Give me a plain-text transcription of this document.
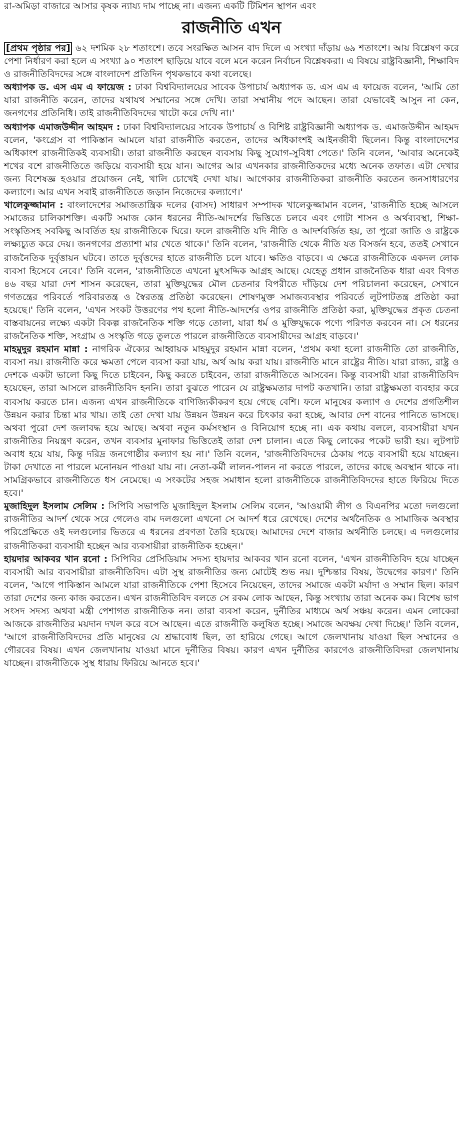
রা-অমিড়া বাজারে আসার কৃষক ন্যায্য দাম পাচ্ছে না। এজন্য একটি টিমিশন স্থাপন এবং
রাজনীতি এখন

[প্রথম পৃষ্ঠার পর] ৬২ দশমিক ২৮ শতাংশে। তবে সংরক্ষিত আসন বাদ দিলে এ সংখ্যা দাঁড়ায় ৬৯ শতাংশে। আয় বিশ্লেষণ করে পেশা নির্ধারণ করা হলে এ সংখ্যা ৯০ শতাংশ ছাড়িয়ে যাবে বলে মনে করেন নির্বাচন বিশ্লেষকরা। এ বিষয়ে রাষ্ট্রবিজ্ঞানী, শিক্ষাবিদ ও রাজনীতিবিদদের সঙ্গে বাংলাদেশ প্রতিদিন পৃথকভাবে কথা বলেছে।

অধ্যাপক ড. এস এম এ ফায়েজ : ঢাকা বিশ্ববিদ্যালয়ের সাবেক উপাচার্য অধ্যাপক ড. এস এম এ ফায়েজ বলেন, 'আমি তো যারা রাজনীতি করেন, তাদের যথাযথ সম্মানের সঙ্গে দেখি। তারা সম্মানীয় পদে আছেন। তারা যেভাবেই আসুন না কেন, জনগণের প্রতিনিধি। তাই রাজনীতিবিদদের খাটো করে দেখি না।'

অধ্যাপক এমাজউদ্দীন আহমদ : ঢাকা বিশ্ববিদ্যালয়ের সাবেক উপাচার্য ও বিশিষ্ট রাষ্ট্রবিজ্ঞানী অধ্যাপক ড. এমাজউদ্দীন আহমদ বলেন, 'কংগ্রেস বা পাকিস্তান আমলে যারা রাজনীতি করতেন, তাদের অধিকাংশই আইনজীবী ছিলেন। কিন্তু বাংলাদেশের অধিকাংশ রাজনীতিকই ব্যবসায়ী। তারা রাজনীতি করছেন ব্যবসায় কিছু সুযোগ-সুবিধা পেতে।' তিনি বলেন, 'আবার অনেকেই শখের বশে রাজনীতিতে জড়িয়ে ব্যবসায়ী হয়ে যান। আগের আর এখনকার রাজনীতিকদের মধ্যে অনেক তফাত। এটা দেখার জন্য বিশেষজ্ঞ হওয়ার প্রয়োজন নেই, খালি চোখেই দেখা যায়। আগেকার রাজনীতিকরা রাজনীতি করতেন জনসাধারণের কল্যাণে। আর এখন সবাই রাজনীতিতে জড়ান নিজেদের কল্যাণে।'

খালেকুজ্জামান : বাংলাদেশের সমাজতান্ত্রিক দলের (বাসদ) সাধারণ সম্পাদক খালেকুজ্জামান বলেন, 'রাজনীতি হচ্ছে আসলে সমাজের চালিকাশক্তি। একটি সমাজ কোন ধরনের নীতি-আদর্শের ভিত্তিতে চলবে এবং গোটা শাসন ও অর্থব্যবস্থা, শিক্ষা-সংস্কৃতিসহ সবকিছু আবর্তিত হয় রাজনীতিকে ঘিরে। ফলে রাজনীতি যদি নীতি ও আদর্শবর্জিত হয়, তা পুরো জাতি ও রাষ্ট্রকে লক্ষ্যচ্যুত করে দেয়। জনগণের প্রত্যাশা মার খেতে থাকে।' তিনি বলেন, 'রাজনীতি থেকে নীতি যত বিসর্জন হবে, ততই সেখানে রাজনৈতিক দুর্বৃত্তায়ন ঘটবে। তাতে দুর্বৃত্তদের হাতে রাজনীতি চলে যাবে। ক্ষতিও বাড়বে। এ ক্ষেত্রে রাজনীতিকে একদল লোক ব্যবসা হিসেবে নেবে।' তিনি বলেন, 'রাজনীতিতে এখনো মুৎসদ্দিক আগ্রহ আছে। যেহেতু প্রধান রাজনৈতিক ধারা এবং বিগত ৪৬ বছর যারা দেশ শাসন করেছেন, তারা মুক্তিযুদ্ধের মৌল চেতনার বিপরীতে দাঁড়িয়ে দেশ পরিচালনা করেছেন, সেখানে গণতন্ত্রের পরিবর্তে পরিবারতন্ত্র ও স্বৈরতন্ত্র প্রতিষ্ঠা করেছেন। শোষণমুক্ত সমাজব্যবস্থার পরিবর্তে লুটপাটতন্ত্র প্রতিষ্ঠা করা হয়েছে।' তিনি বলেন, 'এখন সংকট উত্তরণের পথ হলো নীতি-আদর্শের ওপর রাজনীতি প্রতিষ্ঠা করা, মুক্তিযুদ্ধের প্রকৃত চেতনা বাস্তবায়নের লক্ষ্যে একটা বিকল্প রাজনৈতিক শক্তি গড়ে তোলা, যারা ধর্ম ও মুক্তিযুদ্ধকে পণ্যে পরিণত করবেন না। সে ধরনের রাজনৈতিক শক্তি, সংগ্রাম ও সংস্কৃতি গড়ে তুলতে পারলে রাজনীতিতে ব্যবসায়ীদের আগ্রহ বাড়বে।'

মাহমুদুর রহমান মান্না : নাগরিক ঐক্যের আহ্বায়ক মাহমুদুর রহমান মান্না বলেন, 'প্রথম কথা হলো রাজনীতি তো রাজনীতি, ব্যবসা নয়। রাজনীতি করে ক্ষমতা পেলে ব্যবসা করা যায়, অর্থ আয় করা যায়। রাজনীতি মানে রাষ্ট্রের নীতি। যারা রাজ্য, রাষ্ট্র ও দেশকে একটা ভালো কিছু দিতে চাইবেন, কিছু করতে চাইবেন, তারা রাজনীতিতে আসবেন। কিন্তু ব্যবসায়ী যারা রাজনীতিবিদ হয়েছেন, তারা আসলে রাজনীতিবিদ হননি। তারা বুঝতে পারেন যে রাষ্ট্রক্ষমতার দাপট কতখানি। তারা রাষ্ট্রক্ষমতা ব্যবহার করে ব্যবসায় করতে চান। এজন্য এখন রাজনীতিকে বাণিজ্যিকীকরণ হয়ে গেছে বেশি। ফলে মানুষের কল্যাণ ও দেশের প্রগতিশীল উন্নয়ন করার চিন্তা মার খায়। তাই তো দেখা যায় উন্নয়ন উন্নয়ন করে চিৎকার করা হচ্ছে, আবার দেশ বানের পানিতে ভাসছে। অথবা পুরো দেশ জলাবদ্ধ হয়ে আছে। অথবা নতুন কর্মসংস্থান ও বিনিয়োগ হচ্ছে না। এক কথায় বললে, ব্যবসায়ীরা যখন রাজনীতির নিয়ন্ত্রণ করেন, তখন ব্যবসার মুনাফার ভিত্তিতেই তারা দেশ চালান। এতে কিছু লোকের পকেট ভারী হয়। লুটপাট অবাধ হয়ে যায়, কিন্তু দরিদ্র জনগোষ্ঠীর কল্যাণ হয় না।' তিনি বলেন, 'রাজনীতিবিদদের ঠেকায় পড়ে ব্যবসায়ী হয়ে যাচ্ছেন। টাকা দেখাতে না পারলে মনোনয়ন পাওয়া যায় না। নেতা-কর্মী লালন-পালন না করতে পারলে, তাদের কাছে অবস্থান থাকে না। সামগ্রিকভাবে রাজনীতিতে ধস নেমেছে। এ সংকটের সহজ সমাধান হলো রাজনীতিকে রাজনীতিবিদদের হাতে ফিরিয়ে দিতে হবে।'

মুজাহিদুল ইসলাম সেলিম : সিপিবি সভাপতি মুজাহিদুল ইসলাম সেলিম বলেন, 'আওয়ামী লীগ ও বিএনপির মতো দলগুলো রাজনীতির আদর্শ থেকে সরে গেলেও বাম দলগুলো এখনো সে আদর্শ ধরে রেখেছে। দেশের অর্থনৈতিক ও সামাজিক অবস্থার পরিপ্রেক্ষিতে ওই দলগুলোর ভিতরে এ ধরনের প্রবণতা তৈরি হয়েছে। আমাদের দেশে বাজার অর্থনীতি চলছে। এ দলগুলোর রাজনীতিকরা ব্যবসায়ী হচ্ছেন আর ব্যবসায়ীরা রাজনীতিক হচ্ছেন।'

হায়দার আকবর খান রনো : সিপিবির প্রেসিডিয়াম সদস্য হায়দার আকবর খান রনো বলেন, 'এখন রাজনীতিবিদ হয়ে যাচ্ছেন ব্যবসায়ী আর ব্যবসায়ীরা রাজনীতিবিদ। এটা সুস্থ রাজনীতির জন্য মোটেই শুভ নয়। দুশ্চিন্তার বিষয়, উদ্বেগের কারণ।' তিনি বলেন, 'আগে পাকিস্তান আমলে যারা রাজনীতিকে পেশা হিসেবে নিয়েছেন, তাদের সমাজে একটা মর্যাদা ও সম্মান ছিল। কারণ তারা দেশের জন্য কাজ করতেন। এখন রাজনীতিবিদ বলতে সে রকম লোক আছেন, কিন্তু সংখ্যায় তারা অনেক কম। বিশেষ ভাগ সংসদ সদস্য অথবা মন্ত্রী পেশাগত রাজনীতিক নন। তারা ব্যবসা করেন, দুর্নীতির মাধ্যমে অর্থ সঞ্চয় করেন। এমন লোকেরা আজকে রাজনীতির ময়দান দখল করে বসে আছেন। এতে রাজনীতি কলুষিত হচ্ছে। সমাজে অবক্ষয় দেখা দিচ্ছে।' তিনি বলেন, 'আগে রাজনীতিবিদদের প্রতি মানুষের যে শ্রদ্ধাবোধ ছিল, তা হারিয়ে গেছে। আগে জেলখানায় যাওয়া ছিল সম্মানের ও গৌরবের বিষয়। এখন জেলখানায় যাওয়া মানে দুর্নীতির বিষয়। কারণ এখন দুর্নীতির কারণেও রাজনীতিবিদরা জেলখানায় যাচ্ছেন। রাজনীতিকে সুস্থ ধারায় ফিরিয়ে আনতে হবে।'
